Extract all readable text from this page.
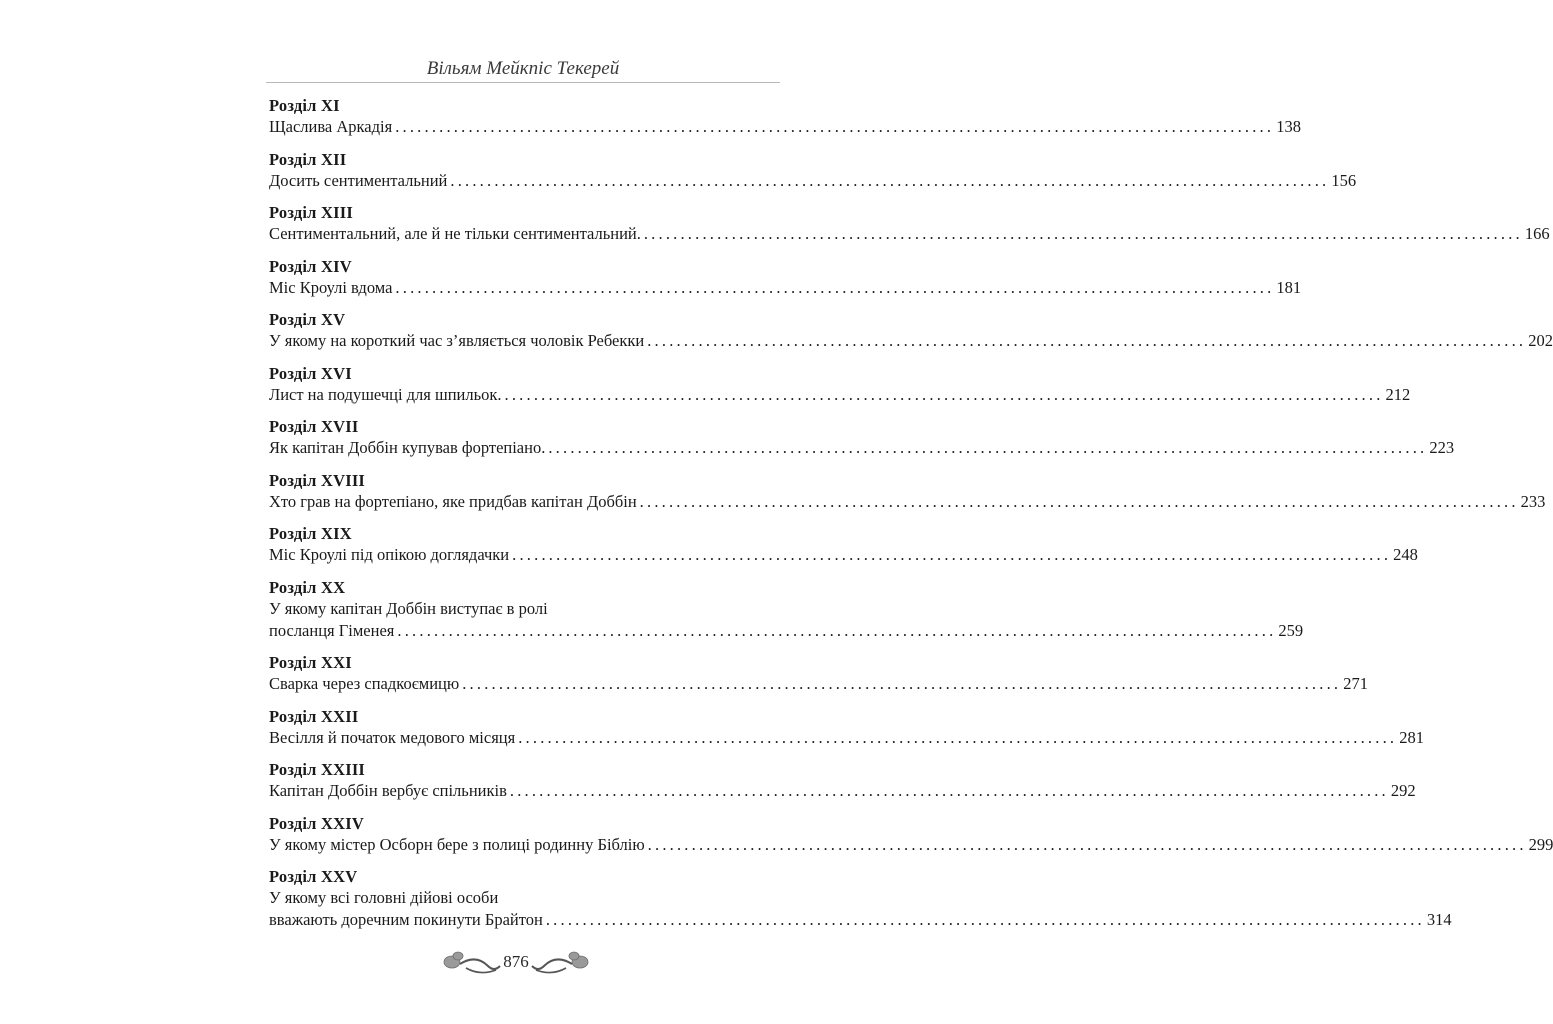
Вільям Мейкпіс Текерей
Розділ XI
Щаслива Аркадія ........................................................................................................................ 138
Розділ XII
Досить сентиментальний ........................................................................................................................ 156
Розділ XIII
Сентиментальний, але й не тільки сентиментальний. ........................................................................................................................ 166
Розділ XIV
Міс Кроулі вдома ........................................................................................................................ 181
Розділ XV
У якому на короткий час з’являється чоловік Ребекки ........................................................................................................................ 202
Розділ XVI
Лист на подушечці для шпильок. ........................................................................................................................ 212
Розділ XVII
Як капітан Доббін купував фортепіано. ........................................................................................................................ 223
Розділ XVIII
Хто грав на фортепіано, яке придбав капітан Доббін ........................................................................................................................ 233
Розділ XIX
Міс Кроулі під опікою доглядачки ........................................................................................................................ 248
Розділ XX
У якому капітан Доббін виступає в ролі
посланця Гіменея ........................................................................................................................ 259
Розділ XXI
Сварка через спадкоємицю ........................................................................................................................ 271
Розділ XXII
Весілля й початок медового місяця ........................................................................................................................ 281
Розділ XXIII
Капітан Доббін вербує спільників ........................................................................................................................ 292
Розділ XXIV
У якому містер Осборн бере з полиці родинну Біблію ........................................................................................................................ 299
Розділ XXV
У якому всі головні дійові особи
вважають доречним покинути Брайтон ........................................................................................................................ 314
876
